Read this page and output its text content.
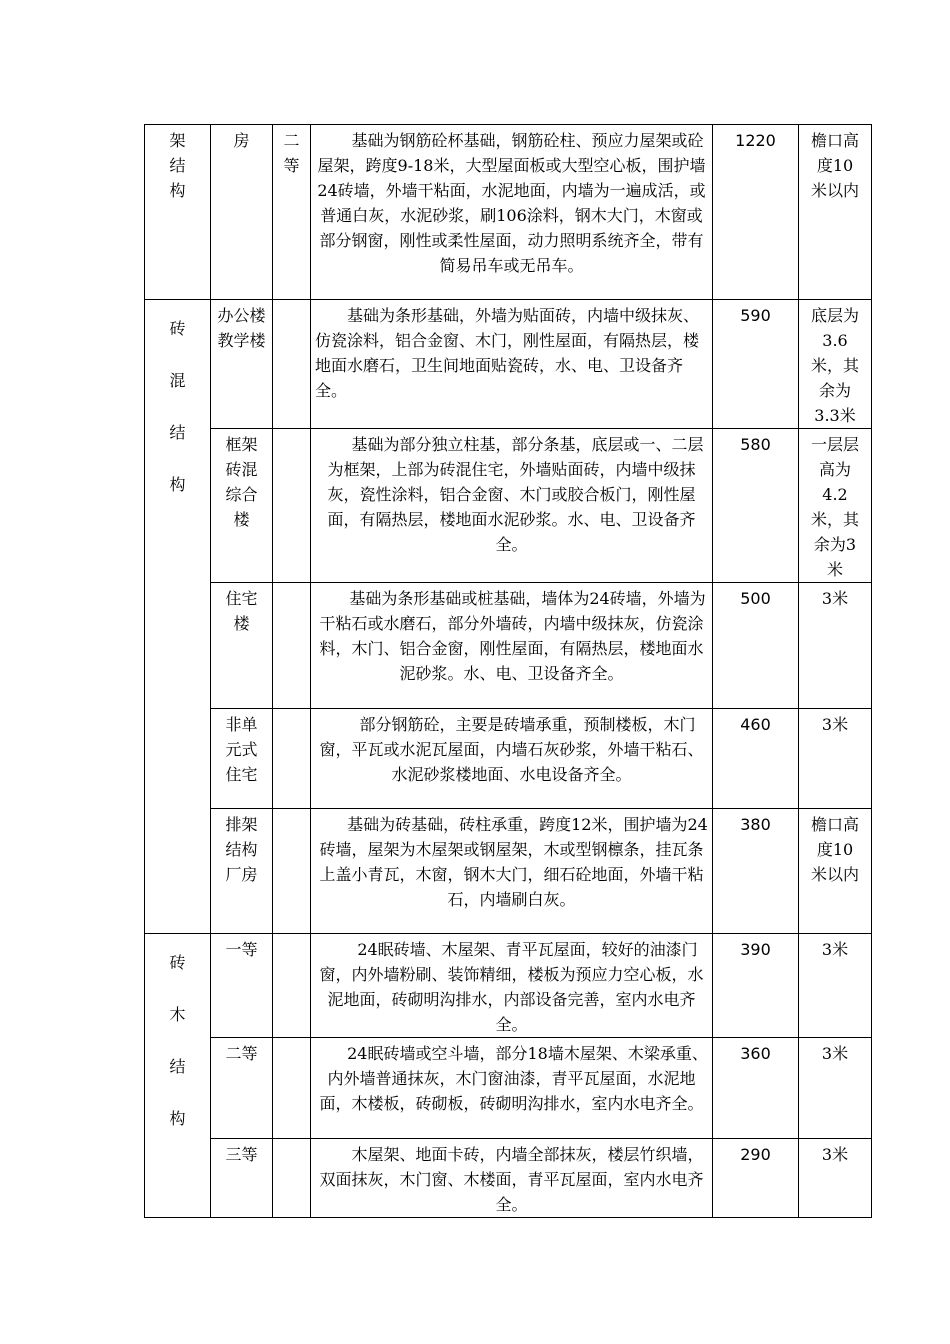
架结构	房	二等	基础为钢筋砼杯基础，钢筋砼柱、预应力屋架或砼屋架，跨度9-18米，大型屋面板或大型空心板，围护墙24砖墙，外墙干粘面，水泥地面，内墙为一遍成活，或普通白灰，水泥砂浆，刷106涂料，钢木大门，木窗或部分钢窗，刚性或柔性屋面，动力照明系统齐全，带有简易吊车或无吊车。	1220	檐口高度10米以内

砖混结构	办公楼教学楼		基础为条形基础，外墙为贴面砖，内墙中级抹灰、仿瓷涂料，铝合金窗、木门，刚性屋面，有隔热层，楼地面水磨石，卫生间地面贴瓷砖，水、电、卫设备齐全。	590	底层为3.6米，其余为3.3米

	框架砖混综合楼		基础为部分独立柱基，部分条基，底层或一、二层为框架，上部为砖混住宅，外墙贴面砖，内墙中级抹灰，瓷性涂料，铝合金窗、木门或胶合板门，刚性屋面，有隔热层，楼地面水泥砂浆。水、电、卫设备齐全。	580	一层层高为4.2米，其余为3米

	住宅楼		基础为条形基础或桩基础，墙体为24砖墙，外墙为干粘石或水磨石，部分外墙砖，内墙中级抹灰，仿瓷涂料，木门、铝合金窗，刚性屋面，有隔热层，楼地面水泥砂浆。水、电、卫设备齐全。	500	3米

	非单元式住宅		部分钢筋砼，主要是砖墙承重，预制楼板，木门窗，平瓦或水泥瓦屋面，内墙石灰砂浆，外墙干粘石、水泥砂浆楼地面、水电设备齐全。	460	3米

	排架结构厂房		基础为砖基础，砖柱承重，跨度12米，围护墙为24砖墙，屋架为木屋架或钢屋架，木或型钢檩条，挂瓦条上盖小青瓦，木窗，钢木大门，细石砼地面，外墙干粘石，内墙刷白灰。	380	檐口高度10米以内

砖木结构	一等		24眠砖墙、木屋架、青平瓦屋面，较好的油漆门窗，内外墙粉刷、装饰精细，楼板为预应力空心板，水泥地面，砖砌明沟排水，内部设备完善，室内水电齐全。	390	3米
	二等		24眠砖墙或空斗墙，部分18墙木屋架、木梁承重、内外墙普通抹灰，木门窗油漆，青平瓦屋面，水泥地面，木楼板，砖砌板，砖砌明沟排水，室内水电齐全。	360	3米
	三等		木屋架、地面卡砖，内墙全部抹灰，楼层竹织墙，双面抹灰，木门窗、木楼面，青平瓦屋面，室内水电齐全。	290	3米
